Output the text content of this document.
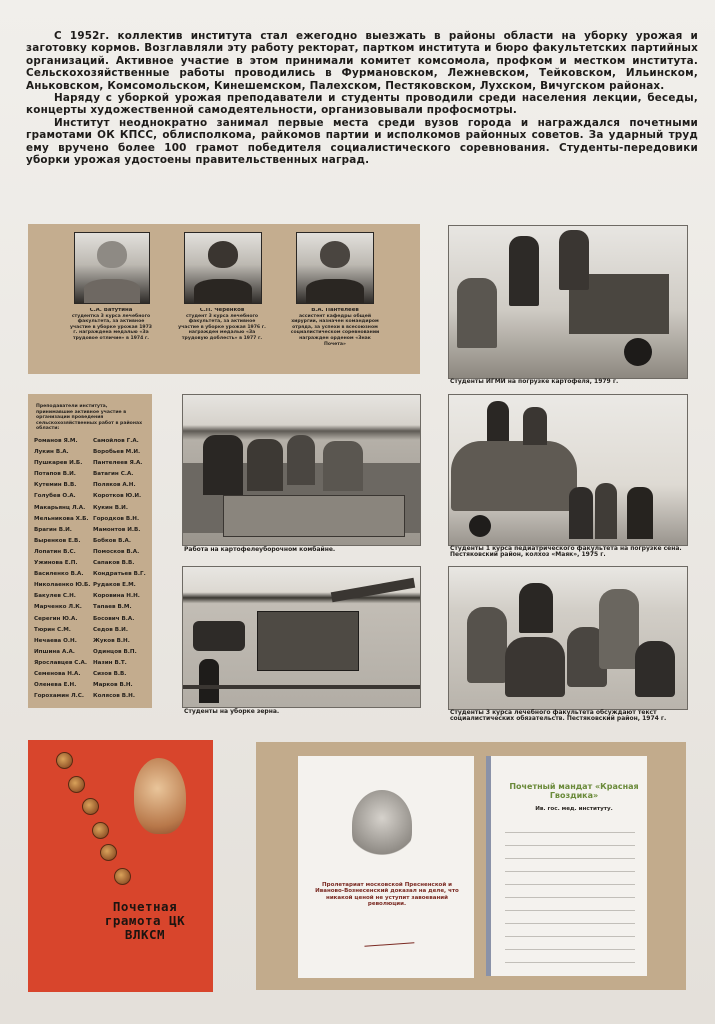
С 1952г. коллектив института стал ежегодно выезжать в районы области на уборку урожая и заготовку кормов. Возглавляли эту работу ректорат, партком института и бюро факультетских партийных организаций. Активное участие в этом принимали комитет комсомола, профком и местком института. Сельскохозяйственные работы проводились в Фурмановском, Лежневском, Тейковском, Ильинском, Аньковском, Комсомольском, Кинешемском, Палехском, Пестяковском, Лухском, Вичугском районах.

Наряду с уборкой урожая преподаватели и студенты проводили среди населения лекции, беседы, концерты художественной самодеятельности, организовывали профосмотры.

Институт неоднократно занимал первые места среди вузов города и награждался почетными грамотами ОК КПСС, облисполкома, райкомов партии и исполкомов районных советов. За ударный труд ему вручено более 100 грамот победителя социалистического соревнования. Студенты-передовики уборки урожая удостоены правительственных наград.

С.А. Ватутина
студентка 3 курса лечебного факультета, за активное участие в уборке урожая 1973 г. награждена медалью «За трудовое отличие» в 1974 г.
С.П. Черенков
студент 3 курса лечебного факультета, за активное участие в уборке урожая 1976 г. награжден медалью «За трудовую доблесть» в 1977 г.
В.А. Пантелеев
ассистент кафедры общей хирургии, назначен командиром отряда, за успехи в всесоюзном социалистическом соревновании награжден орденом «Знак Почета»
Студенты ИГМИ на погрузке картофеля, 1979 г.
Преподаватели института, принимавшие активное участие в организации проведения сельскохозяйственных работ в районах области:
Романов Я.М.	Самойлов Г.А.
Лукин В.А.	Воробьев М.И.
Пушкарев И.Б.	Пантелеев Я.А.
Потапов В.И.	Ватагин С.А.
Кутемин В.В.	Поляков А.Н.
Голубев О.А.	Коротков Ю.И.
Макарьянц Л.А.	Кукин В.И.
Мельникова Х.Б. Городков В.Н.
Врагин В.И.	Мамонтов И.В.
Выренков Е.В.	Бобков В.А.
Лопатин В.С.	Помосков В.А.
Ужинова Е.П.	Сапаков В.В.
Василенко В.А.	Кондратьев В.Г.
Николаенко Ю.Б. Рудаков Е.М.
Бакулев С.Н.	Коровина Н.Н.
Марченко Л.К.	Тапаев В.М.
Серегин Ю.А.	Босович В.А.
Тюрин С.М.	Седов В.И.
Нечаева О.Н.	Жуков В.Н.
Ипшина А.А.	Одинцов В.П.
Ярославцев С.А.	Назин В.Т.
Семенова Н.А.	Сизов В.В.
Оленева Е.Н.	Марков В.Н.
Горохамин Л.С.	Колясов В.Н.
Работа на картофелеуборочном комбайне.	Студенты 1 курса педиатрического факультета на погрузке сена. Пестяковский район, колхоз «Маяк», 1975 г.
Студенты на уборке зерна.	Студенты 3 курса лечебного факультета обсуждают текст социалистических обязательств. Пестяковский район, 1974 г.
Почетная грамота ЦК ВЛКСМ
Пролетариат московской Пресненской и Иваново-Вознесенский доказал на деле, что никакой ценой не уступит завоеваний революции.
Почетный мандат «Красная Гвоздика»
Ив. гос. мед. институту.
